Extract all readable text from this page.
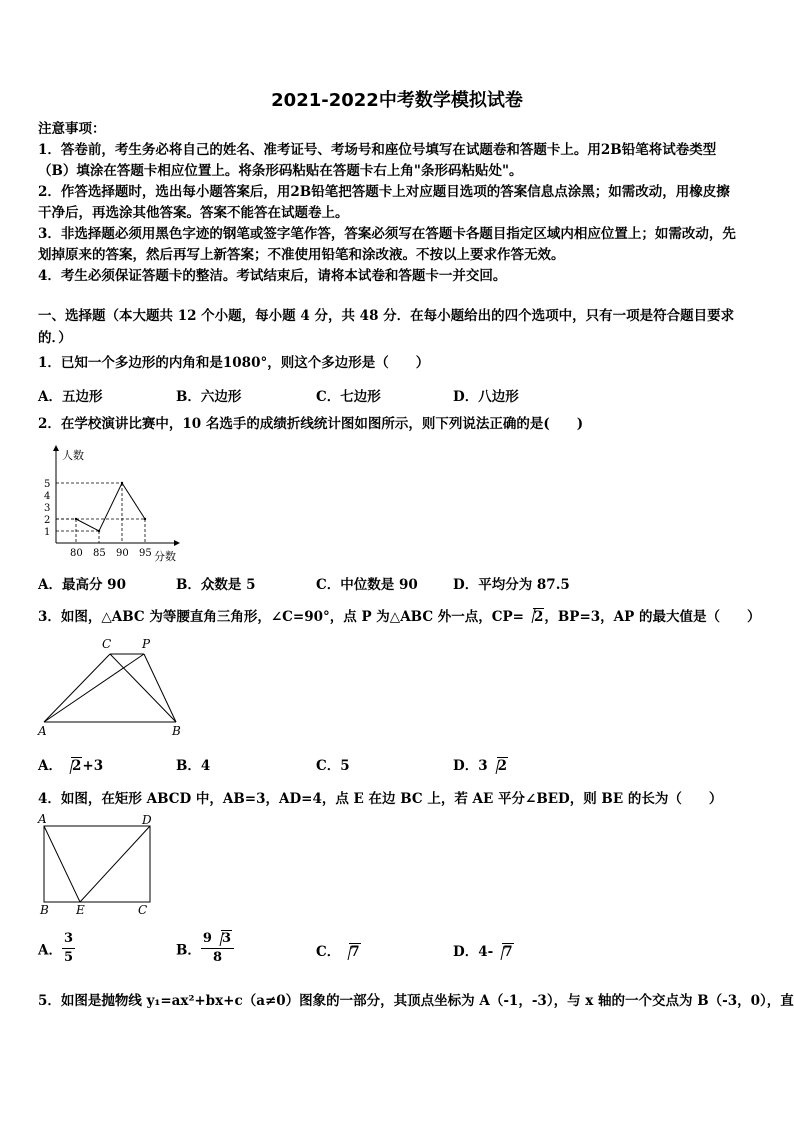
2021-2022中考数学模拟试卷
注意事项：
1．答卷前，考生务必将自己的姓名、准考证号、考场号和座位号填写在试题卷和答题卡上。用2B铅笔将试卷类型
（B）填涂在答题卡相应位置上。将条形码粘贴在答题卡右上角"条形码粘贴处"。
2．作答选择题时，选出每小题答案后，用2B铅笔把答题卡上对应题目选项的答案信息点涂黑；如需改动，用橡皮擦
干净后，再选涂其他答案。答案不能答在试题卷上。
3．非选择题必须用黑色字迹的钢笔或签字笔作答，答案必须写在答题卡各题目指定区域内相应位置上；如需改动，先
划掉原来的答案，然后再写上新答案；不准使用铅笔和涂改液。不按以上要求作答无效。
4．考生必须保证答题卡的整洁。考试结束后，请将本试卷和答题卡一并交回。
一、选择题（本大题共 12 个小题，每小题 4 分，共 48 分．在每小题给出的四个选项中，只有一项是符合题目要求
的．）
1．已知一个多边形的内角和是1080°，则这个多边形是（　　）
A．五边形	B．六边形	C．七边形	D．八边形
2．在学校演讲比赛中，10 名选手的成绩折线统计图如图所示，则下列说法正确的是(　　)
人数
分数
1
2
3
4
5
80 85 90 95
A．最高分 90	B．众数是 5	C．中位数是 90	D．平均分为 87.5
3．如图，△ABC 为等腰直角三角形，∠C=90°，点 P 为△ABC 外一点，CP= 2，BP=3，AP 的最大值是（　　）
C	P
A	B
A． 2+3	B．4	C．5	D．3 2
4．如图，在矩形 ABCD 中，AB=3，AD=4，点 E 在边 BC 上，若 AE 平分∠BED，则 BE 的长为（　　）
A	D
B E	C
A． $\frac{3}{5}$	B． $\frac{9 3}{8}$	C． 7	D．4- 7
5．如图是抛物线 y₁=ax²+bx+c（a≠0）图象的一部分，其顶点坐标为 A（-1，-3），与 x 轴的一个交点为 B（-3，0），直
